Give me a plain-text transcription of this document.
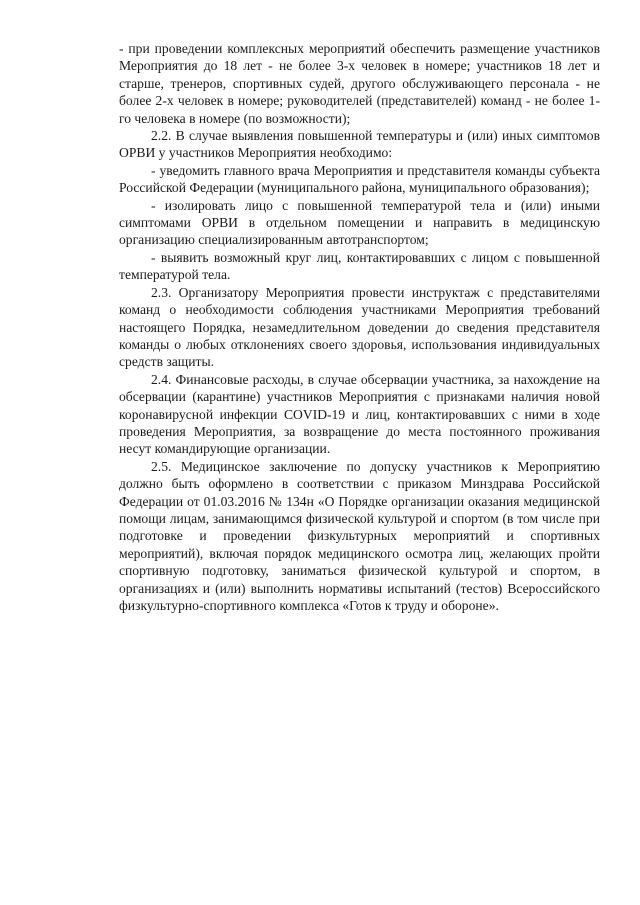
- при проведении комплексных мероприятий обеспечить размещение участников Мероприятия до 18 лет - не более 3-х человек в номере; участников 18 лет и старше, тренеров, спортивных судей, другого обслуживающего персонала - не более 2-х человек в номере; руководителей (представителей) команд - не более 1-го человека в номере (по возможности);

2.2. В случае выявления повышенной температуры и (или) иных симптомов ОРВИ у участников Мероприятия необходимо:

- уведомить главного врача Мероприятия и представителя команды субъекта Российской Федерации (муниципального района, муниципального образования);

- изолировать лицо с повышенной температурой тела и (или) иными симптомами ОРВИ в отдельном помещении и направить в медицинскую организацию специализированным автотранспортом;

- выявить возможный круг лиц, контактировавших с лицом с повышенной температурой тела.

2.3. Организатору Мероприятия провести инструктаж с представителями команд о необходимости соблюдения участниками Мероприятия требований настоящего Порядка, незамедлительном доведении до сведения представителя команды о любых отклонениях своего здоровья, использования индивидуальных средств защиты.

2.4. Финансовые расходы, в случае обсервации участника, за нахождение на обсервации (карантине) участников Мероприятия с признаками наличия новой коронавирусной инфекции COVID-19 и лиц, контактировавших с ними в ходе проведения Мероприятия, за возвращение до места постоянного проживания несут командирующие организации.

2.5. Медицинское заключение по допуску участников к Мероприятию должно быть оформлено в соответствии с приказом Минздрава Российской Федерации от 01.03.2016 № 134н «О Порядке организации оказания медицинской помощи лицам, занимающимся физической культурой и спортом (в том числе при подготовке и проведении физкультурных мероприятий и спортивных мероприятий), включая порядок медицинского осмотра лиц, желающих пройти спортивную подготовку, заниматься физической культурой и спортом, в организациях и (или) выполнить нормативы испытаний (тестов) Всероссийского физкультурно-спортивного комплекса «Готов к труду и обороне».
